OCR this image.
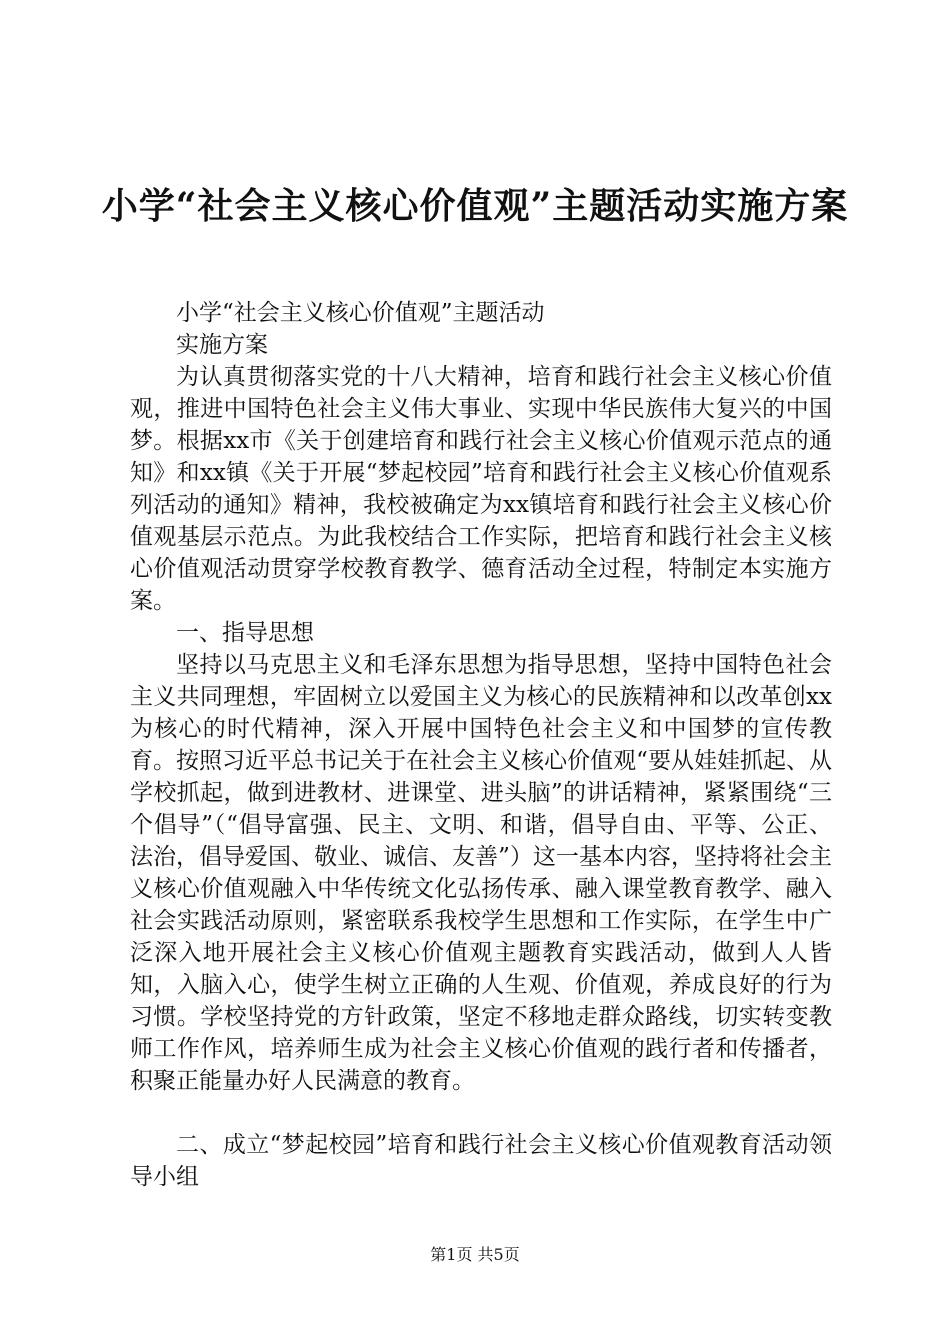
小学“社会主义核心价值观”主题活动实施方案

小学“社会主义核心价值观”主题活动

实施方案

为认真贯彻落实党的十八大精神，培育和践行社会主义核心价值观，推进中国特色社会主义伟大事业、实现中华民族伟大复兴的中国梦。根据xx市《关于创建培育和践行社会主义核心价值观示范点的通知》和xx镇《关于开展“梦起校园”培育和践行社会主义核心价值观系列活动的通知》精神，我校被确定为xx镇培育和践行社会主义核心价值观基层示范点。为此我校结合工作实际，把培育和践行社会主义核心价值观活动贯穿学校教育教学、德育活动全过程，特制定本实施方案。

一、指导思想

坚持以马克思主义和毛泽东思想为指导思想，坚持中国特色社会主义共同理想，牢固树立以爱国主义为核心的民族精神和以改革创xx为核心的时代精神，深入开展中国特色社会主义和中国梦的宣传教育。按照习近平总书记关于在社会主义核心价值观“要从娃娃抓起、从学校抓起，做到进教材、进课堂、进头脑”的讲话精神，紧紧围绕“三个倡导”（“倡导富强、民主、文明、和谐，倡导自由、平等、公正、法治，倡导爱国、敬业、诚信、友善”）这一基本内容，坚持将社会主义核心价值观融入中华传统文化弘扬传承、融入课堂教育教学、融入社会实践活动原则，紧密联系我校学生思想和工作实际，在学生中广泛深入地开展社会主义核心价值观主题教育实践活动，做到人人皆知，入脑入心，使学生树立正确的人生观、价值观，养成良好的行为习惯。学校坚持党的方针政策，坚定不移地走群众路线，切实转变教师工作作风，培养师生成为社会主义核心价值观的践行者和传播者，积聚正能量办好人民满意的教育。

二、成立“梦起校园”培育和践行社会主义核心价值观教育活动领导小组

第1页 共5页
